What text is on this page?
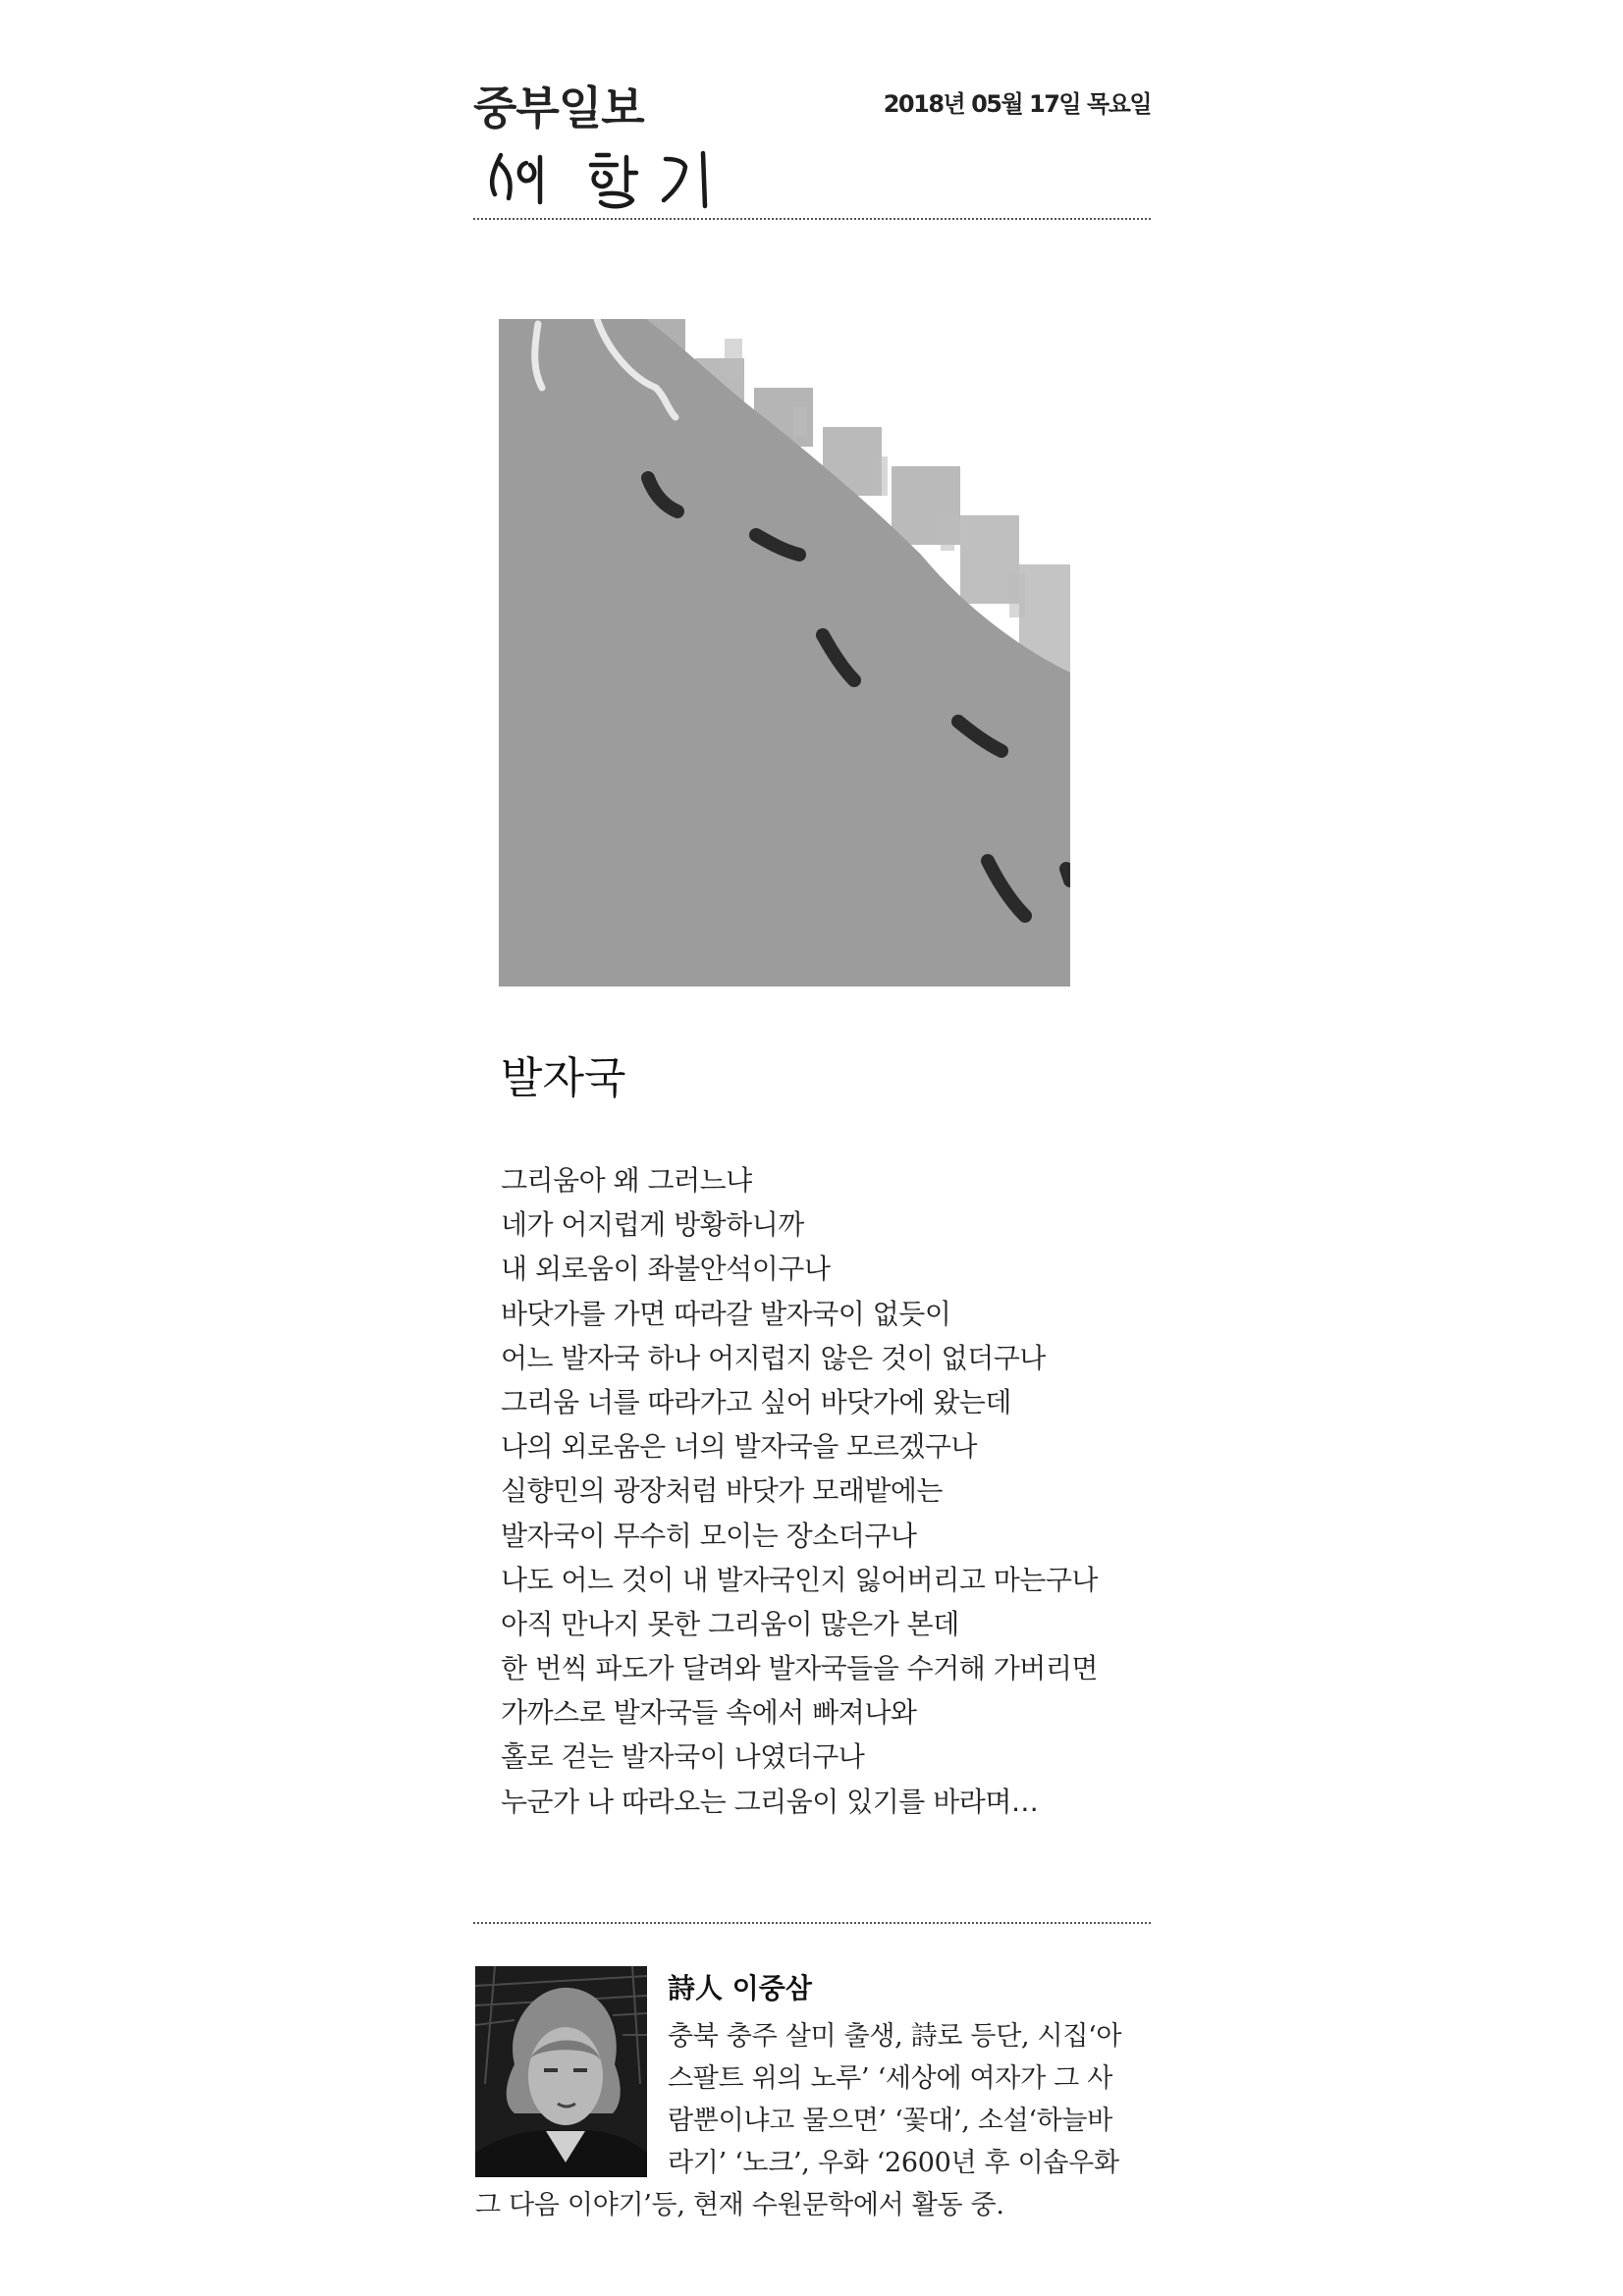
중부일보	2018년 05월 17일 목요일
발자국
그리움아 왜 그러느냐
네가 어지럽게 방황하니까
내 외로움이 좌불안석이구나
바닷가를 가면 따라갈 발자국이 없듯이
어느 발자국 하나 어지럽지 않은 것이 없더구나
그리움 너를 따라가고 싶어 바닷가에 왔는데
나의 외로움은 너의 발자국을 모르겠구나
실향민의 광장처럼 바닷가 모래밭에는
발자국이 무수히 모이는 장소더구나
나도 어느 것이 내 발자국인지 잃어버리고 마는구나
아직 만나지 못한 그리움이 많은가 본데
한 번씩 파도가 달려와 발자국들을 수거해 가버리면
가까스로 발자국들 속에서 빠져나와
홀로 걷는 발자국이 나였더구나
누군가 나 따라오는 그리움이 있기를 바라며…
詩人 이중삼
충북 충주 살미 출생, 詩로 등단, 시집‘아
스팔트 위의 노루’ ‘세상에 여자가 그 사
람뿐이냐고 물으면’ ‘꽃대’, 소설‘하늘바
라기’ ‘노크’, 우화 ‘2600년 후 이솝우화
그 다음 이야기’등, 현재 수원문학에서 활동 중.
